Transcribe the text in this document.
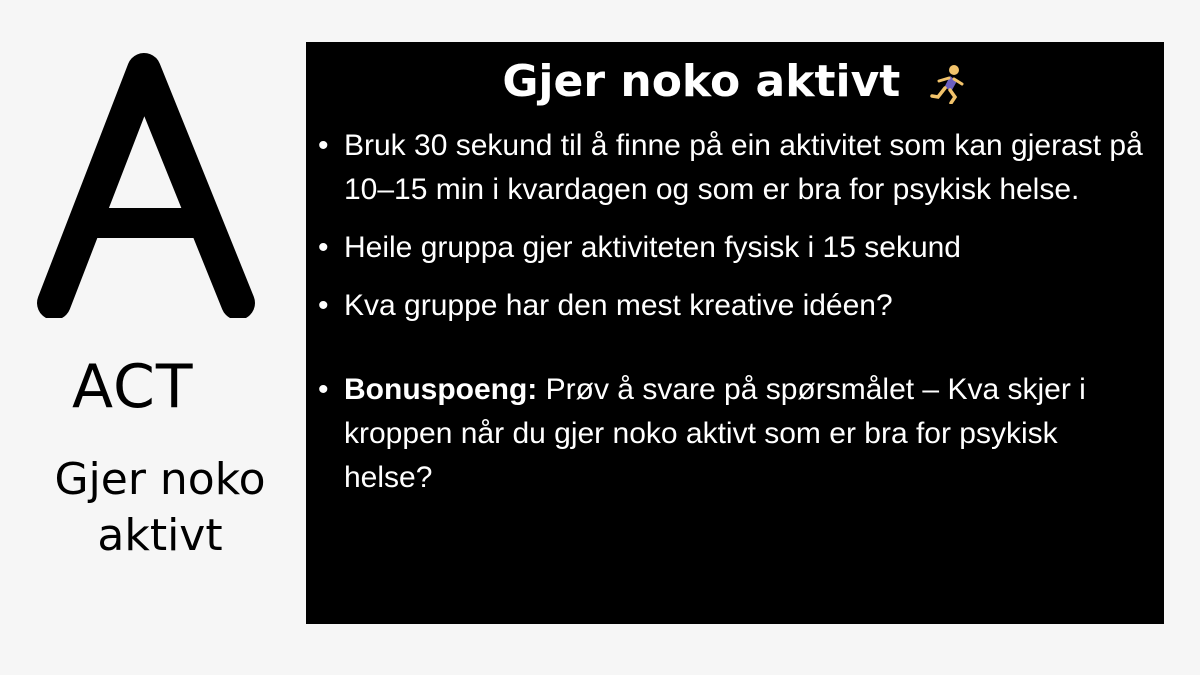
ACT
Gjer noko aktivt
Gjer noko aktivt
• Bruk 30 sekund til å finne på ein aktivitet som kan gjerast på 10–15 min i kvardagen og som er bra for psykisk helse.
• Heile gruppa gjer aktiviteten fysisk i 15 sekund
• Kva gruppe har den mest kreative idéen?
• Bonuspoeng: Prøv å svare på spørsmålet – Kva skjer i kroppen når du gjer noko aktivt som er bra for psykisk helse?
